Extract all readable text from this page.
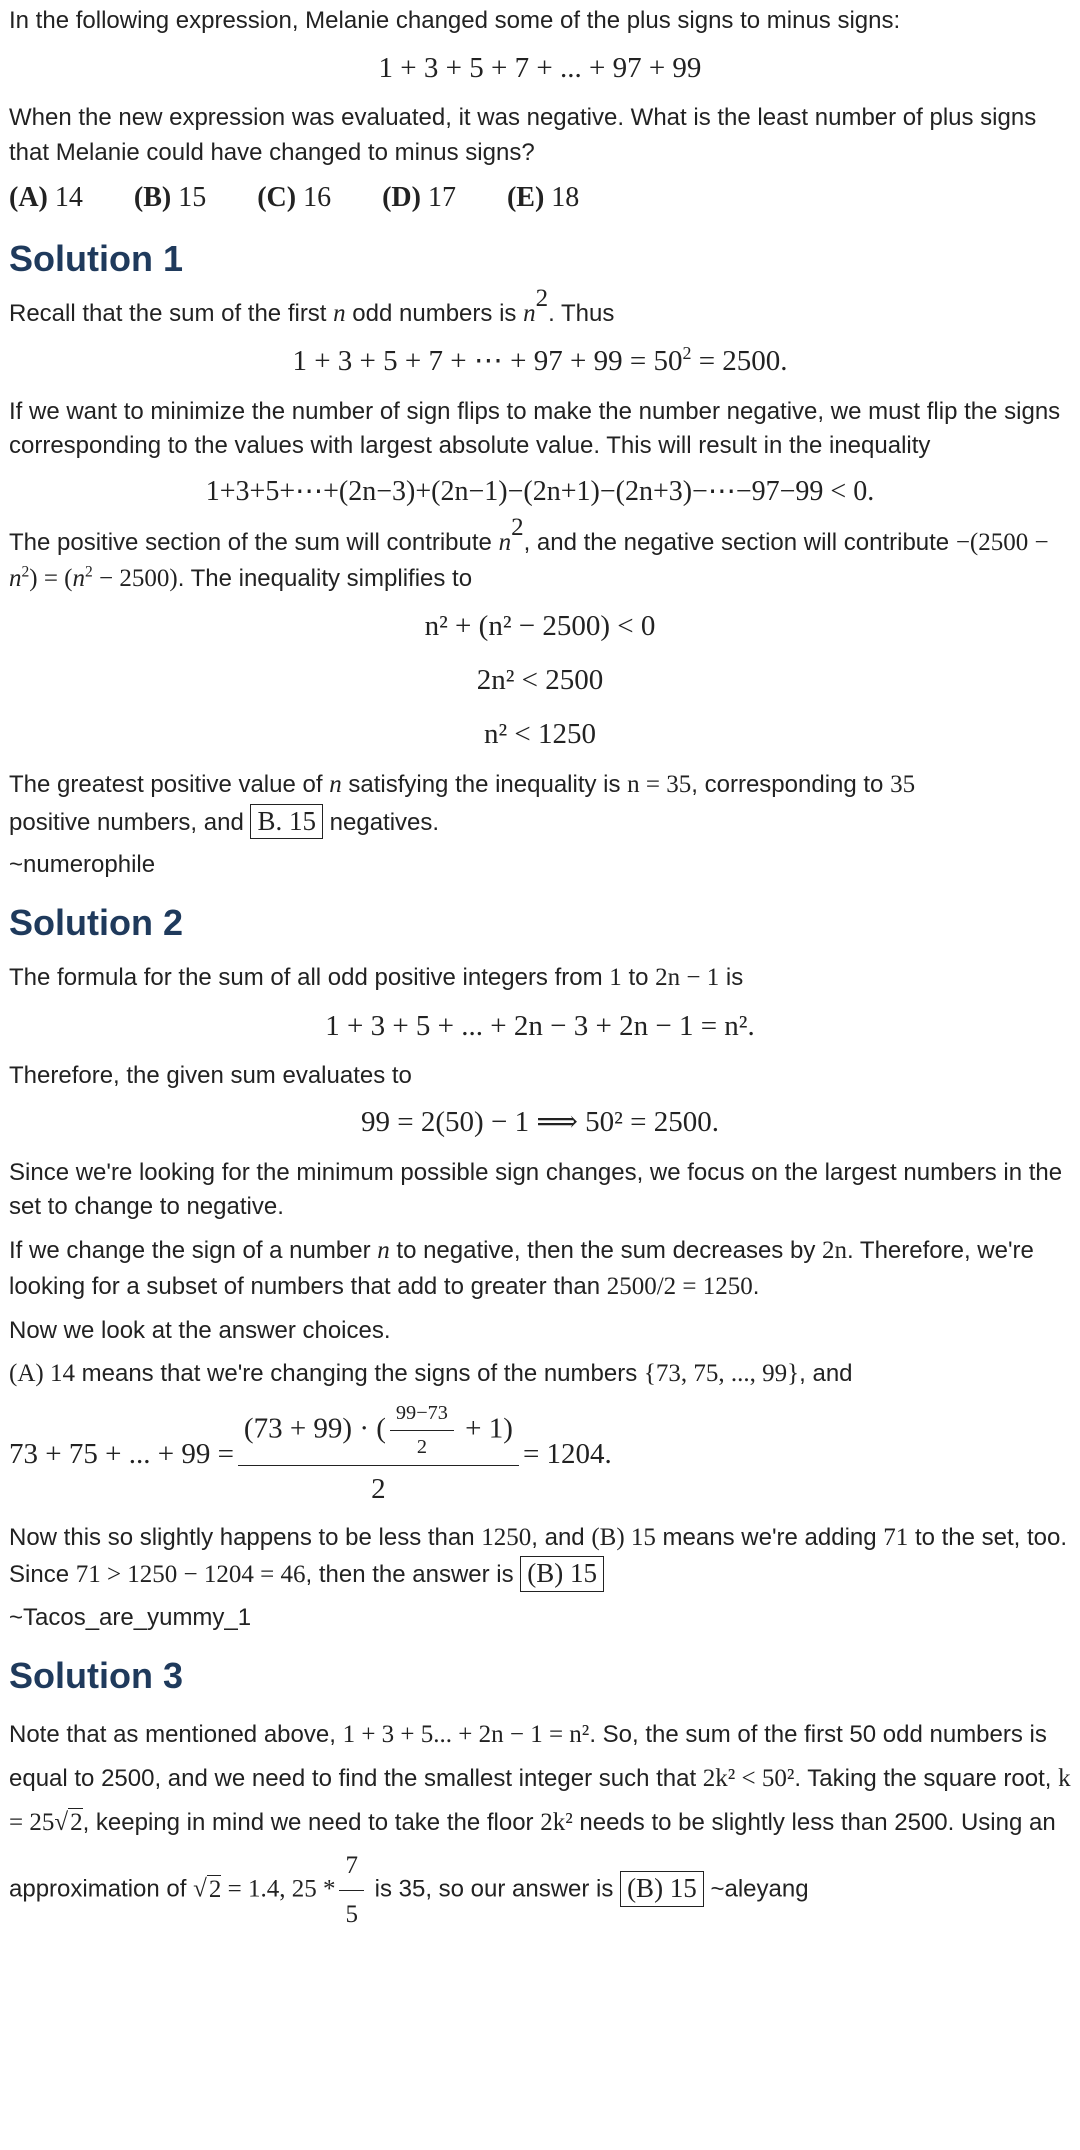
In the following expression, Melanie changed some of the plus signs to minus signs:

1 + 3 + 5 + 7 + ... + 97 + 99

When the new expression was evaluated, it was negative. What is the least number of plus signs that Melanie could have changed to minus signs?

(A) 14 (B) 15 (C) 16 (D) 17 (E) 18
Solution 1

Recall that the sum of the first n odd numbers is $n^2$. Thus

1 + 3 + 5 + 7 + ⋯ + $97 + 99 = 50^2 = 2500$.

If we want to minimize the number of sign flips to make the number negative, we must flip the signs corresponding to the values with largest absolute value. This will result in the inequality

1+3+5+⋯+(2n−3)+(2n−1)−(2n+1)−(2n+3)−⋯−97−99 < 0.

The positive section of the sum will contribute $n^2$, and the negative section will contribute $-(2500 - n^2) = (n^2 - 2500)$. The inequality simplifies to

n² + (n² − 2500) < 0
2n² < 2500
n² < 1250

The greatest positive value of n satisfying the inequality is n = 35, corresponding to 35
positive numbers, and B. 15 negatives.

~numerophile

Solution 2

The formula for the sum of all odd positive integers from 1 to 2n − 1 is

1 + 3 + 5 + ... + 2n − 3 + 2n − 1 = n².

Therefore, the given sum evaluates to

99 = 2(50) − 1 ⟹ 50² = 2500.

Since we're looking for the minimum possible sign changes, we focus on the largest numbers in the set to change to negative.

If we change the sign of a number n to negative, then the sum decreases by 2n. Therefore, we're looking for a subset of numbers that add to greater than 2500/2 = 1250.

Now we look at the answer choices.

(A) 14 means that we're changing the signs of the numbers {73, 75, ..., 99}, and

73 + 75 + ... + $99 = \frac{(73 + 99) \cdot ( \frac{99-73}{2} + 1)}{2} = 1204$.

Now this so slightly happens to be less than 1250, and (B) 15 means we're adding 71 to the set, too. Since 71 > 1250 − 1204 = 46, then the answer is (B) 15

~Tacos_are_yummy_1

Solution 3

Note that as mentioned above, 1 + 3 + 5... + 2n − 1 = n². So, the sum of the first 50 odd numbers is equal to 2500, and we need to find the smallest integer such that 2k² < 50². Taking the square root, k = 25√2, keeping in mind we need to take the floor 2k² needs to be slightly less than 2500. Using an approximation of √2 = 1.4, $25 * \frac{7}{5}$ is 35, so our answer is (B) 15 ~aleyang
